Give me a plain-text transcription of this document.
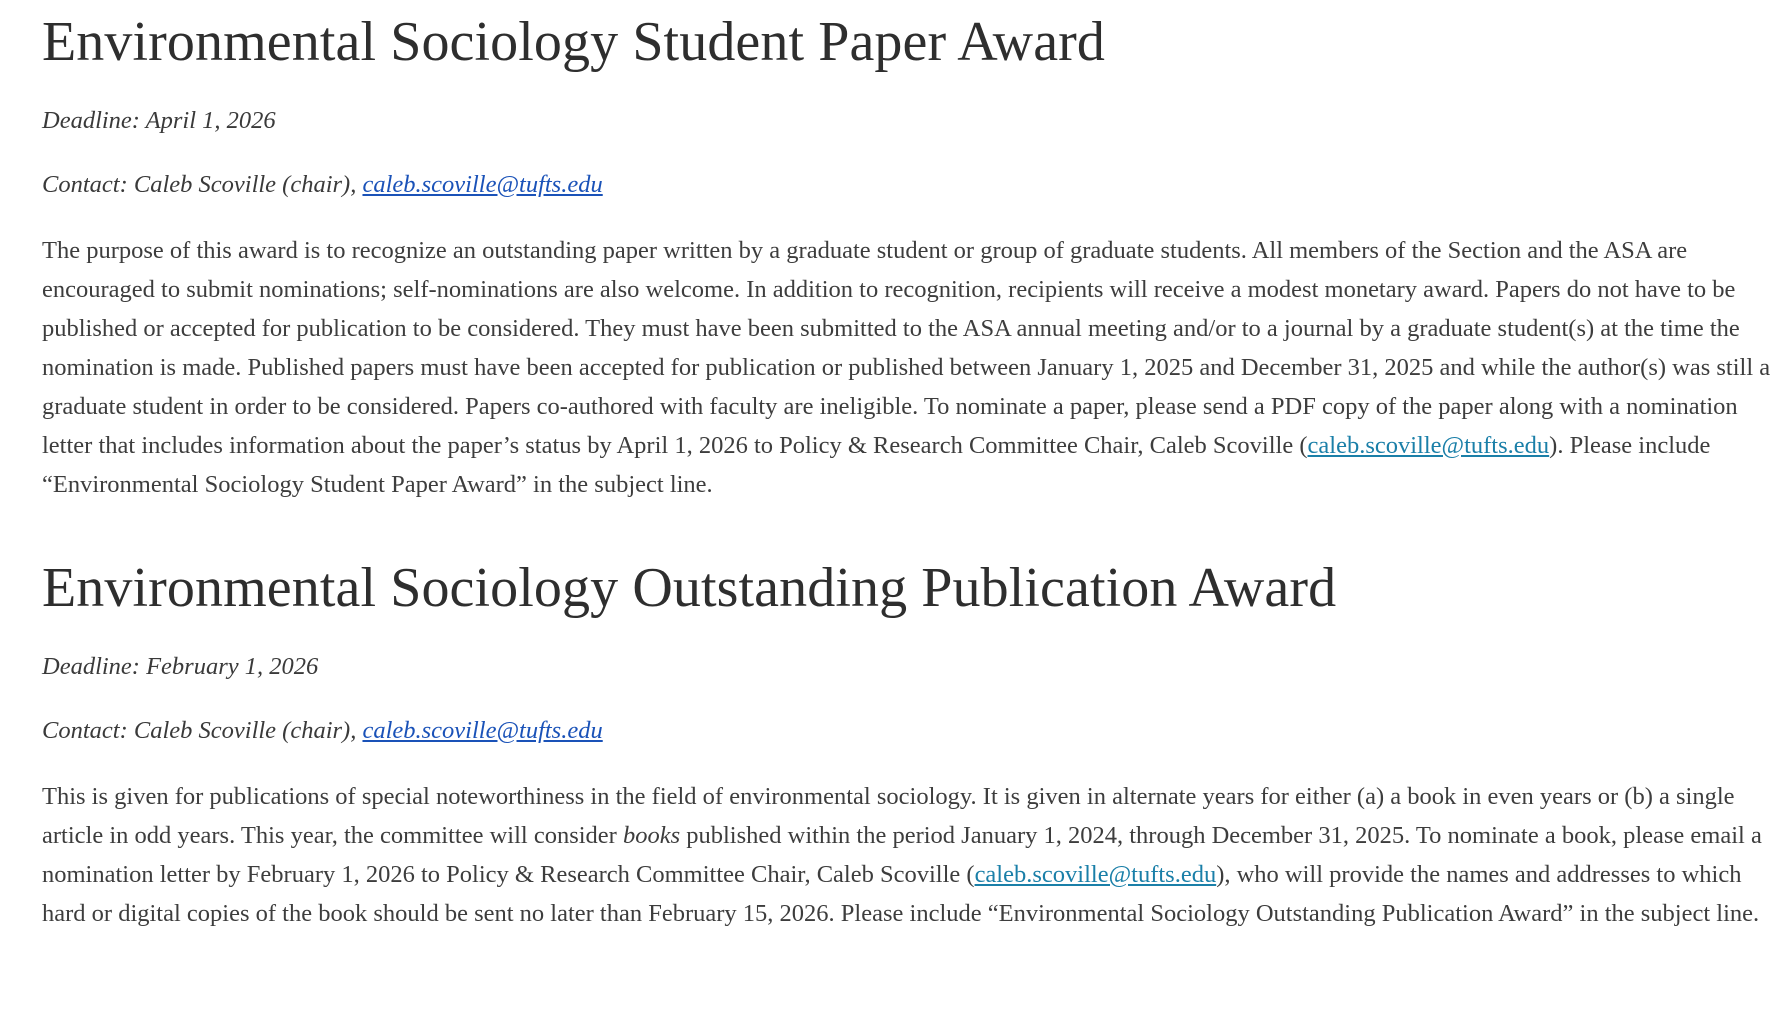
Environmental Sociology Student Paper Award

Deadline: April 1, 2026

Contact: Caleb Scoville (chair), caleb.scoville@tufts.edu

The purpose of this award is to recognize an outstanding paper written by a graduate student or group of graduate students. All members of the Section and the ASA are encouraged to submit nominations; self-nominations are also welcome. In addition to recognition, recipients will receive a modest monetary award. Papers do not have to be published or accepted for publication to be considered. They must have been submitted to the ASA annual meeting and/or to a journal by a graduate student(s) at the time the nomination is made. Published papers must have been accepted for publication or published between January 1, 2025 and December 31, 2025 and while the author(s) was still a graduate student in order to be considered. Papers co-authored with faculty are ineligible. To nominate a paper, please send a PDF copy of the paper along with a nomination letter that includes information about the paper’s status by April 1, 2026 to Policy & Research Committee Chair, Caleb Scoville (caleb.scoville@tufts.edu). Please include “Environmental Sociology Student Paper Award” in the subject line.

Environmental Sociology Outstanding Publication Award

Deadline: February 1, 2026

Contact: Caleb Scoville (chair), caleb.scoville@tufts.edu

This is given for publications of special noteworthiness in the field of environmental sociology. It is given in alternate years for either (a) a book in even years or (b) a single article in odd years. This year, the committee will consider books published within the period January 1, 2024, through December 31, 2025. To nominate a book, please email a nomination letter by February 1, 2026 to Policy & Research Committee Chair, Caleb Scoville (caleb.scoville@tufts.edu), who will provide the names and addresses to which hard or digital copies of the book should be sent no later than February 15, 2026. Please include “Environmental Sociology Outstanding Publication Award” in the subject line.
